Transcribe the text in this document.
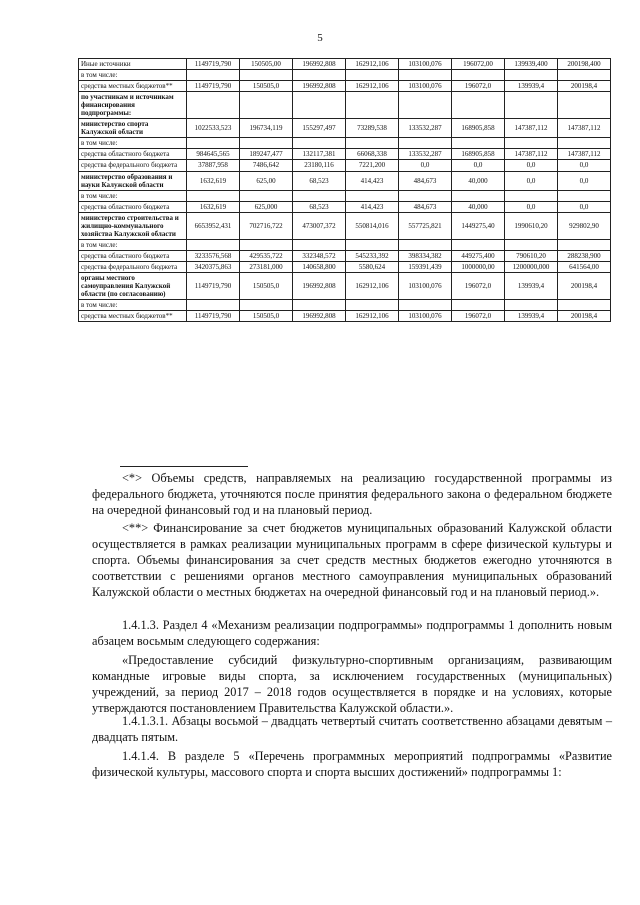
5
Иные источники	1149719,790	150505,00	196992,808	162912,106	103100,076	196072,00	139939,400	200198,400
в том числе:								
средства местных бюджетов**	1149719,790	150505,0	196992,808	162912,106	103100,076	196072,0	139939,4	200198,4
по участникам и источникам финансирования подпрограммы:								
министерство спорта Калужской области	1022533,523	196734,119	155297,497	73289,538	133532,287	168905,858	147387,112	147387,112
в том числе:								
средства областного бюджета	984645,565	189247,477	132117,381	66068,338	133532,287	168905,858	147387,112	147387,112
средства федерального бюджета	37887,958	7486,642	23180,116	7221,200	0,0	0,0	0,0	0,0
министерство образования и науки Калужской области	1632,619	625,00	68,523	414,423	484,673	40,000	0,0	0,0
в том числе:								
средства областного бюджета	1632,619	625,000	68,523	414,423	484,673	40,000	0,0	0,0
министерство строительства и жилищно-коммунального хозяйства Калужской области	6653952,431	702716,722	473007,372	550814,016	557725,821	1449275,40	1990610,20	929802,90
в том числе:								
средства областного бюджета	3233576,568	429535,722	332348,572	545233,392	398334,382	449275,400	790610,20	288238,900
средства федерального бюджета	3420375,863	273181,000	140658,800	5580,624	159391,439	1000000,00	1200000,000	641564,00
органы местного самоуправления Калужской области (по согласованию)	1149719,790	150505,0	196992,808	162912,106	103100,076	196072,0	139939,4	200198,4
в том числе:								
средства местных бюджетов**	1149719,790	150505,0	196992,808	162912,106	103100,076	196072,0	139939,4	200198,4
<*> Объемы средств, направляемых на реализацию государственной программы из федерального бюджета, уточняются после принятия федерального закона о федеральном бюджете на очередной финансовый год и на плановый период.
<**> Финансирование за счет бюджетов муниципальных образований Калужской области осуществляется в рамках реализации муниципальных программ в сфере физической культуры и спорта. Объемы финансирования за счет средств местных бюджетов ежегодно уточняются в соответствии с решениями органов местного самоуправления муниципальных образований Калужской области о местных бюджетах на очередной финансовый год и на плановый период.».
1.4.1.3. Раздел 4 «Механизм реализации подпрограммы» подпрограммы 1 дополнить новым абзацем восьмым следующего содержания:
«Предоставление субсидий физкультурно-спортивным организациям, развивающим командные игровые виды спорта, за исключением государственных (муниципальных) учреждений, за период 2017 – 2018 годов осуществляется в порядке и на условиях, которые утверждаются постановлением Правительства Калужской области.».
1.4.1.3.1. Абзацы восьмой – двадцать четвертый считать соответственно абзацами девятым – двадцать пятым.
1.4.1.4. В разделе 5 «Перечень программных мероприятий подпрограммы «Развитие физической культуры, массового спорта и спорта высших достижений» подпрограммы 1:
